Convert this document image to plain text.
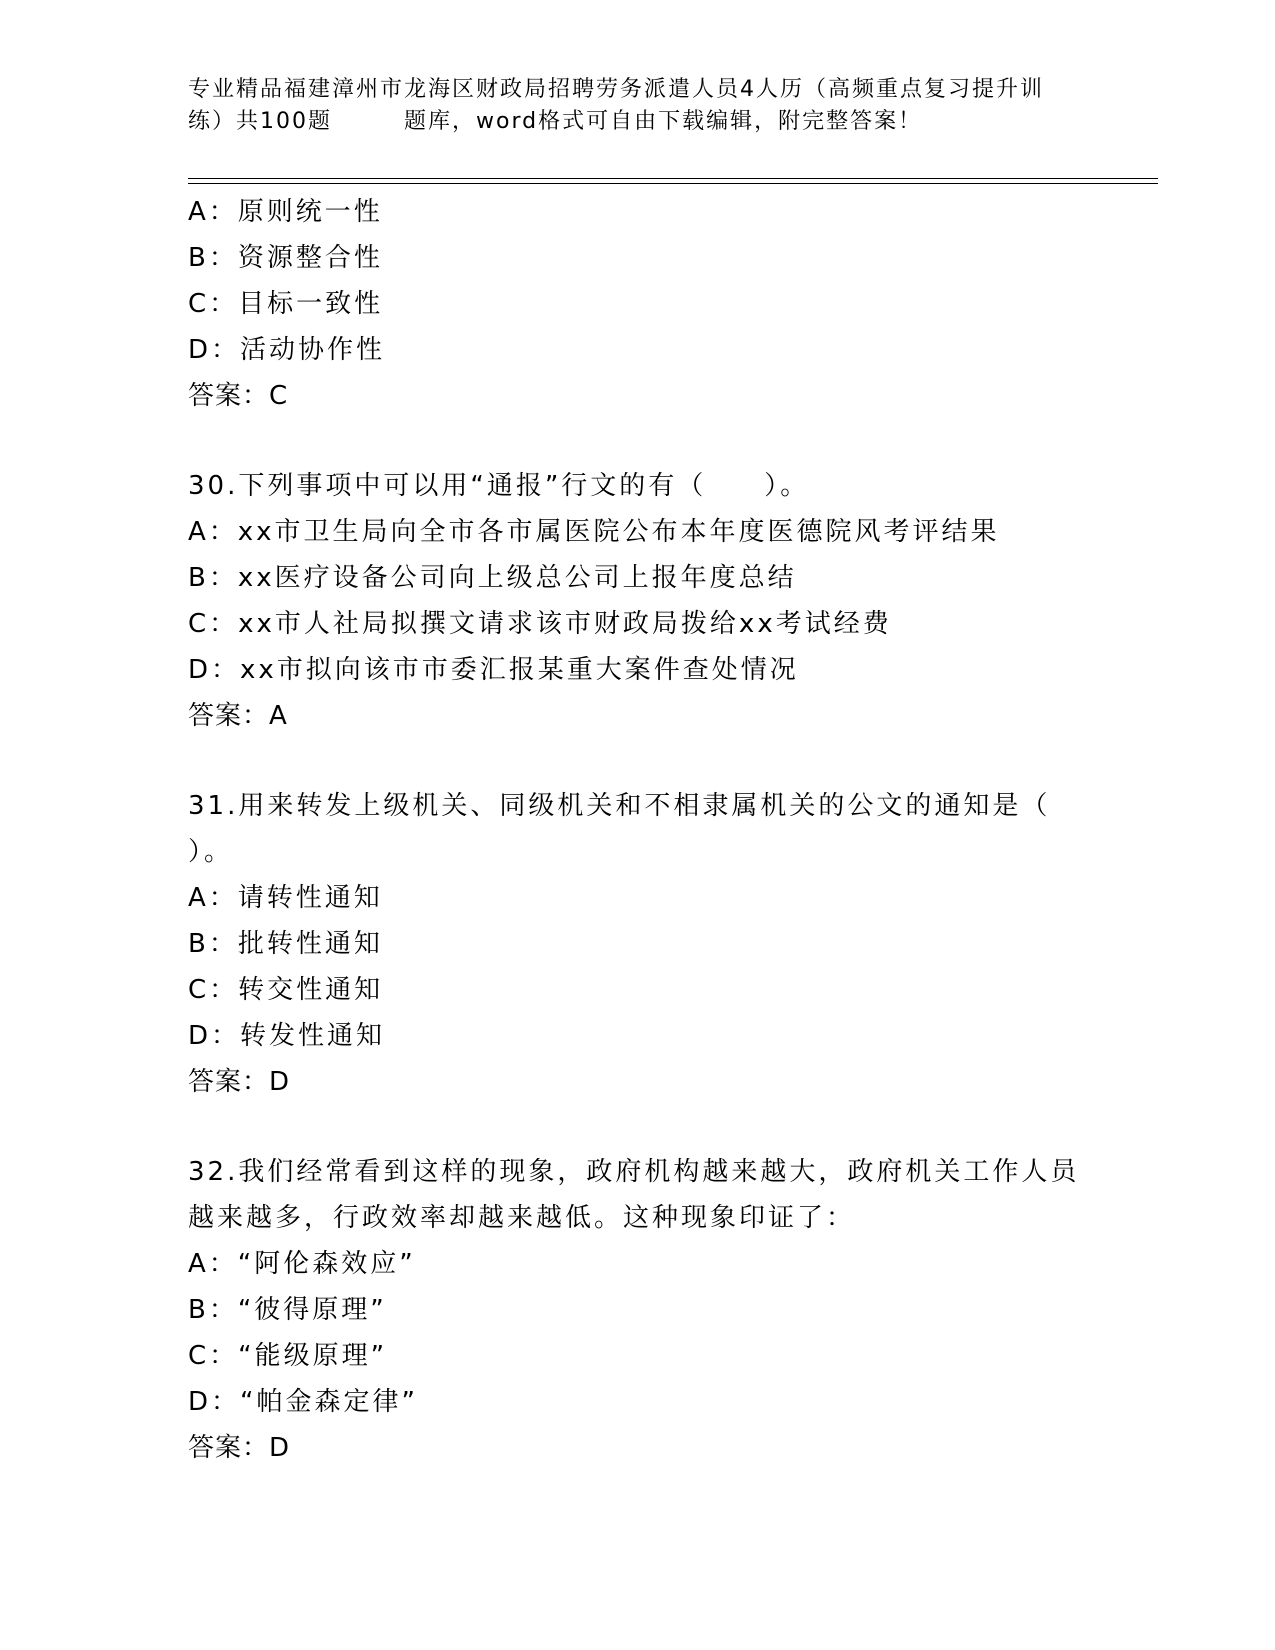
专业精品福建漳州市龙海区财政局招聘劳务派遣人员4人历（高频重点复习提升训
练）共100题　　　题库，word格式可自由下载编辑，附完整答案！
A：原则统一性
B：资源整合性
C：目标一致性
D：活动协作性
答案：C
30.下列事项中可以用“通报”行文的有（　　）。
A：xx市卫生局向全市各市属医院公布本年度医德院风考评结果
B：xx医疗设备公司向上级总公司上报年度总结
C：xx市人社局拟撰文请求该市财政局拨给xx考试经费
D：xx市拟向该市市委汇报某重大案件查处情况
答案：A
31.用来转发上级机关、同级机关和不相隶属机关的公文的通知是（
）。
A：请转性通知
B：批转性通知
C：转交性通知
D：转发性通知
答案：D
32.我们经常看到这样的现象，政府机构越来越大，政府机关工作人员
越来越多，行政效率却越来越低。这种现象印证了：
A：“阿伦森效应”
B：“彼得原理”
C：“能级原理”
D：“帕金森定律”
答案：D
